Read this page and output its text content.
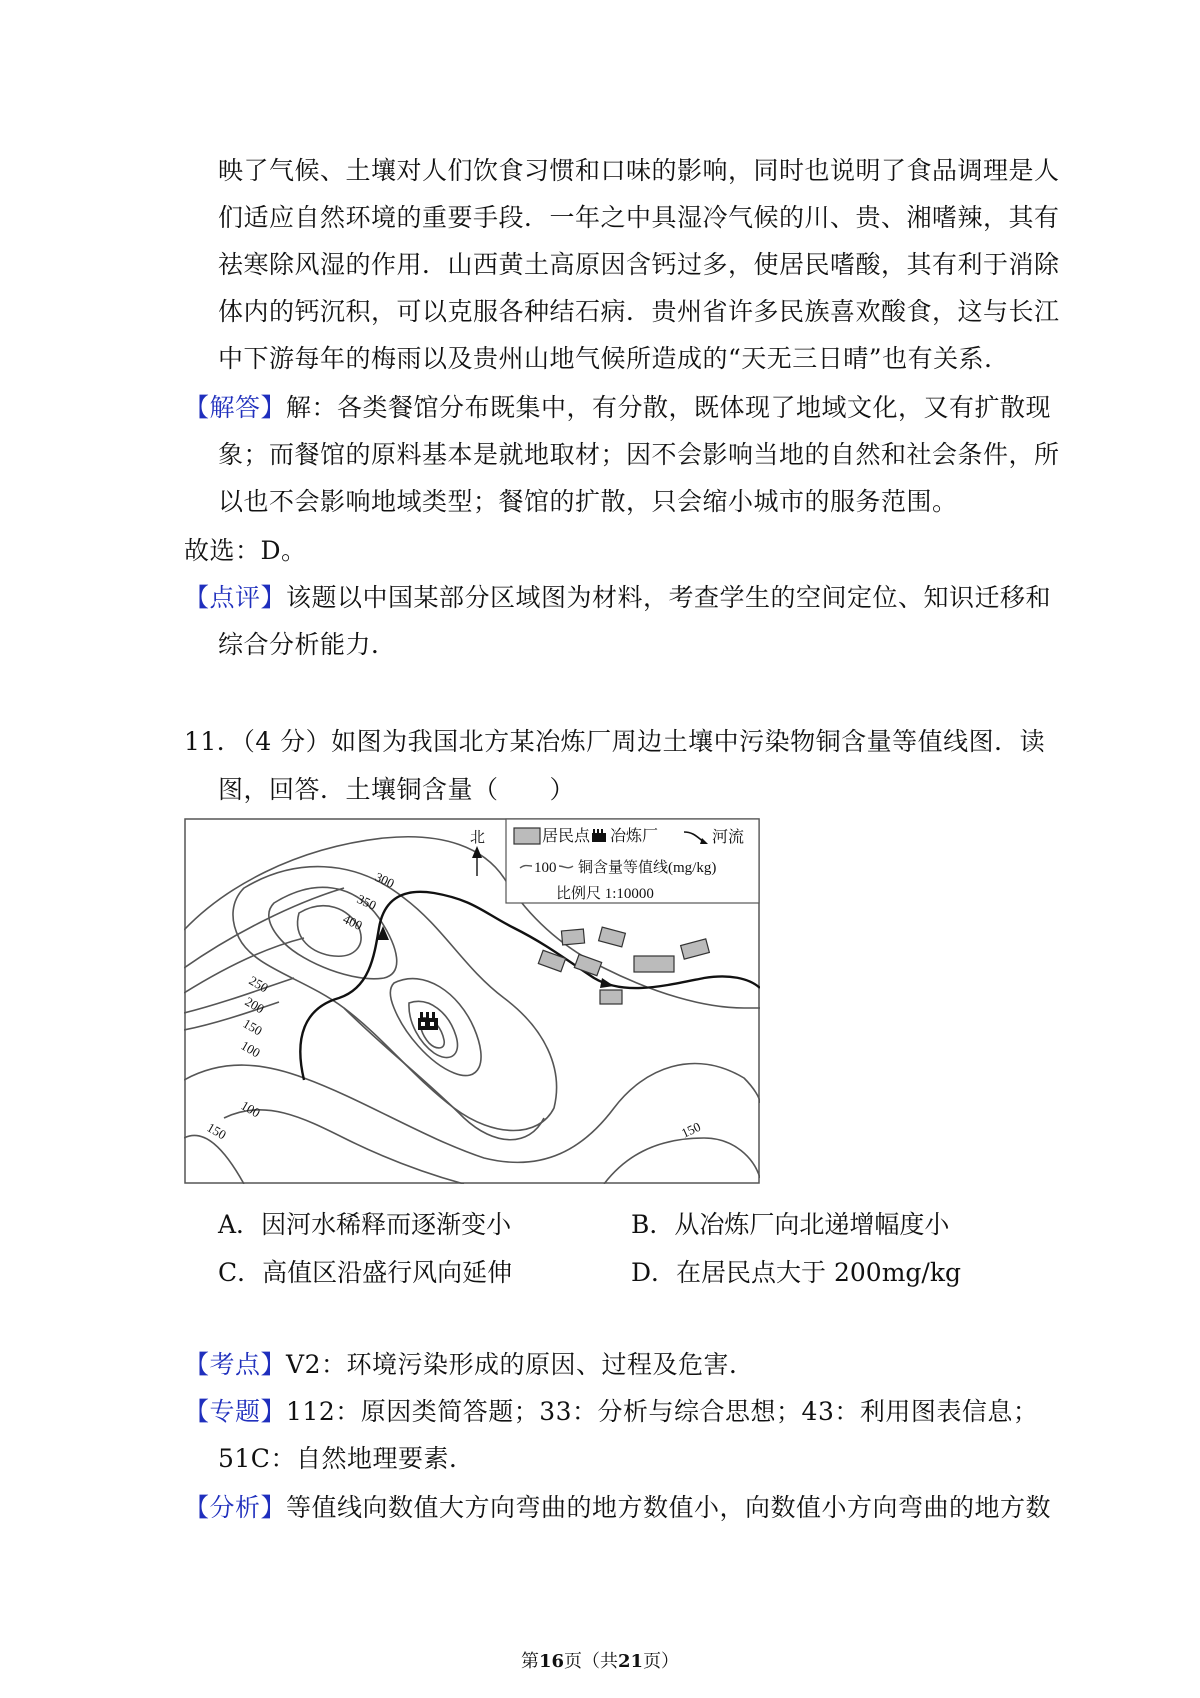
映了气候、土壤对人们饮食习惯和口味的影响，同时也说明了食品调理是人
们适应自然环境的重要手段．一年之中具湿冷气候的川、贵、湘嗜辣，其有
祛寒除风湿的作用．山西黄土高原因含钙过多，使居民嗜酸，其有利于消除
体内的钙沉积，可以克服各种结石病．贵州省许多民族喜欢酸食，这与长江
中下游每年的梅雨以及贵州山地气候所造成的“天无三日晴”也有关系．
【解答】解：各类餐馆分布既集中，有分散，既体现了地域文化，又有扩散现
象；而餐馆的原料基本是就地取材；因不会影响当地的自然和社会条件，所
以也不会影响地域类型；餐馆的扩散，只会缩小城市的服务范围。
故选：D。
【点评】该题以中国某部分区域图为材料，考查学生的空间定位、知识迁移和
综合分析能力．
11．（4 分）如图为我国北方某冶炼厂周边土壤中污染物铜含量等值线图．读
图，回答．土壤铜含量（　　）
300
350
400
250
200
150
100
100
150	150
北	居民点 冶炼厂	河流
100 铜含量等值线(mg/kg)
比例尺 1:10000
A．因河水稀释而逐渐变小	B．从冶炼厂向北递增幅度小
C．高值区沿盛行风向延伸	D．在居民点大于 200mg/kg
【考点】V2：环境污染形成的原因、过程及危害．
【专题】112：原因类简答题；33：分析与综合思想；43：利用图表信息；
51C：自然地理要素．
【分析】等值线向数值大方向弯曲的地方数值小，向数值小方向弯曲的地方数
第16页（共21页）
